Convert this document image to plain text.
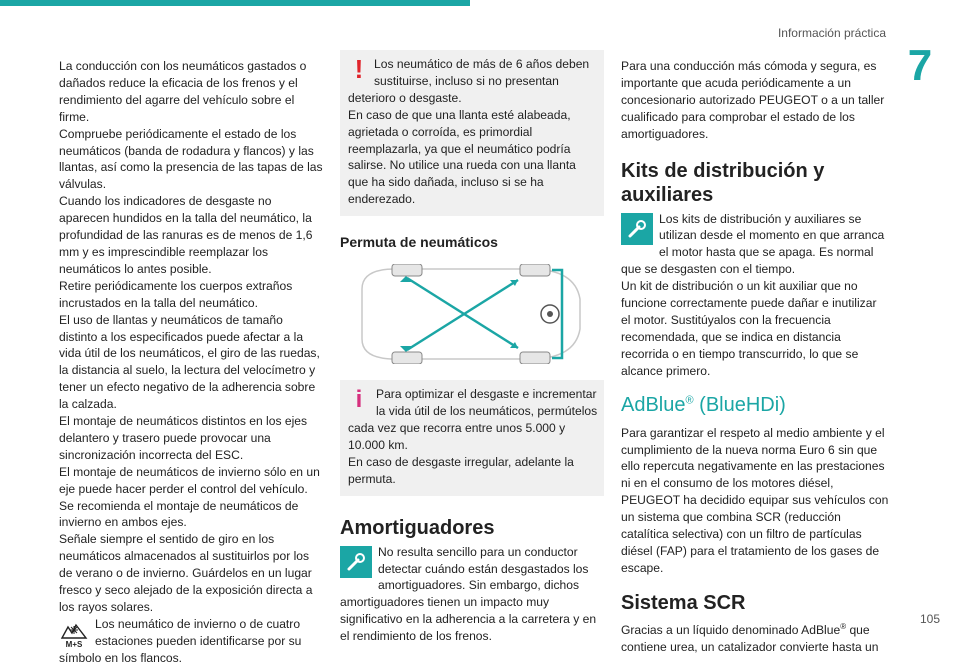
Información práctica
7

La conducción con los neumáticos gastados o dañados reduce la eficacia de los frenos y el rendimiento del agarre del vehículo sobre el firme.

Compruebe periódicamente el estado de los neumáticos (banda de rodadura y flancos) y las llantas, así como la presencia de las tapas de las válvulas.

Cuando los indicadores de desgaste no aparecen hundidos en la talla del neumático, la profundidad de las ranuras es de menos de 1,6 mm y es imprescindible reemplazar los neumáticos lo antes posible.

Retire periódicamente los cuerpos extraños incrustados en la talla del neumático.

El uso de llantas y neumáticos de tamaño distinto a los especificados puede afectar a la vida útil de los neumáticos, el giro de las ruedas, la distancia al suelo, la lectura del velocímetro y tener un efecto negativo de la adherencia sobre la calzada.

El montaje de neumáticos distintos en los ejes delantero y trasero puede provocar una sincronización incorrecta del ESC.

El montaje de neumáticos de invierno sólo en un eje puede hacer perder el control del vehículo. Se recomienda el montaje de neumáticos de invierno en ambos ejes.

Señale siempre el sentido de giro en los neumáticos almacenados al sustituirlos por los de verano o de invierno. Guárdelos en un lugar fresco y seco alejado de la exposición directa a los rayos solares.

M+S

Los neumático de invierno o de cuatro estaciones pueden identificarse por su símbolo en los flancos.

! Los neumático de más de 6 años deben sustituirse, incluso si no presentan deterioro o desgaste.

En caso de que una llanta esté alabeada, agrietada o corroída, es primordial reemplazarla, ya que el neumático podría salirse. No utilice una rueda con una llanta que ha sido dañada, incluso si se ha enderezado.

Permuta de neumáticos
i	Para optimizar el desgaste e incrementar la vida útil de los neumáticos, permútelos cada vez que recorra entre unos 5.000 y 10.000 km.

En caso de desgaste irregular, adelante la permuta.

Amortiguadores

No resulta sencillo para un conductor detectar cuándo están desgastados los amortiguadores. Sin embargo, dichos amortiguadores tienen un impacto muy significativo en la adherencia a la carretera y en el rendimiento de los frenos.

Para una conducción más cómoda y segura, es importante que acuda periódicamente a un concesionario autorizado PEUGEOT o a un taller cualificado para comprobar el estado de los amortiguadores.

Kits de distribución y auxiliares

Los kits de distribución y auxiliares se utilizan desde el momento en que arranca el motor hasta que se apaga. Es normal que se desgasten con el tiempo.

Un kit de distribución o un kit auxiliar que no funcione correctamente puede dañar e inutilizar el motor. Sustitúyalos con la frecuencia recomendada, que se indica en distancia recorrida o en tiempo transcurrido, lo que se alcance primero.

AdBlue® (BlueHDi)

Para garantizar el respeto al medio ambiente y el cumplimiento de la nueva norma Euro 6 sin que ello repercuta negativamente en las prestaciones ni en el consumo de los motores diésel, PEUGEOT ha decidido equipar sus vehículos con un sistema que combina SCR (reducción catalítica selectiva) con un filtro de partículas diésel (FAP) para el tratamiento de los gases de escape.

Sistema SCR

Gracias a un líquido denominado AdBlue® que contiene urea, un catalizador convierte hasta un

105
